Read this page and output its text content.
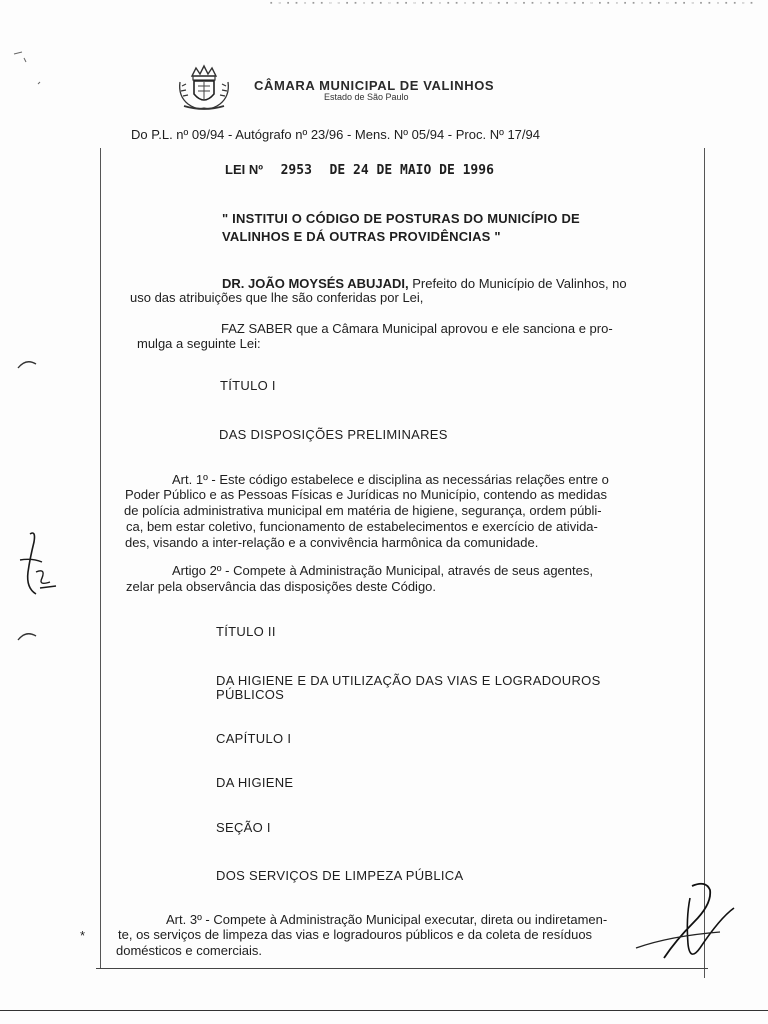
▪ ▫ ▪ ▪ ▫ ▪ ▪ ▫ ▫ ▪ ▪ ▫ ▪ ▪ ▫ ▪ ▪ ▫ ▪ ▪ ▫ ▪ ▪ ▫ ▪ ▪ ▫ ▪ ▪ ▫ ▪ ▪ ▫ ▪ ▪ ▫ ▪ ▪ ▫ ▪ ▪ ▫ ▪ ▪ ▫ ▪ ▪ ▫ ▪ ▪ ▫ ▪ ▪ ▫ ▪ ▪ ▫ ▪
CÂMARA MUNICIPAL DE VALINHOS
Estado de São Paulo
Do P.L. nº 09/94 - Autógrafo nº 23/96 - Mens. Nº 05/94 - Proc. Nº 17/94
LEI Nº 2953 DE 24 DE MAIO DE 1996
" INSTITUI O CÓDIGO DE POSTURAS DO MUNICÍPIO DE
VALINHOS E DÁ OUTRAS PROVIDÊNCIAS "
DR. JOÃO MOYSÉS ABUJADI, Prefeito do Município de Valinhos, no
uso das atribuições que lhe são conferidas por Lei,
FAZ SABER que a Câmara Municipal aprovou e ele sanciona e pro-
mulga a seguinte Lei:
TÍTULO I
DAS DISPOSIÇÕES PRELIMINARES
Art. 1º - Este código estabelece e disciplina as necessárias relações entre o
Poder Público e as Pessoas Físicas e Jurídicas no Município, contendo as medidas
de polícia administrativa municipal em matéria de higiene, segurança, ordem públi-
ca, bem estar coletivo, funcionamento de estabelecimentos e exercício de ativida-
des, visando a inter-relação e a convivência harmônica da comunidade.
Artigo 2º - Compete à Administração Municipal, através de seus agentes,
zelar pela observância das disposições deste Código.
TÍTULO II
DA HIGIENE E DA UTILIZAÇÃO DAS VIAS E LOGRADOUROS
PÚBLICOS
CAPÍTULO I
DA HIGIENE
SEÇÃO I
DOS SERVIÇOS DE LIMPEZA PÚBLICA
Art. 3º - Compete à Administração Municipal executar, direta ou indiretamen-
te, os serviços de limpeza das vias e logradouros públicos e da coleta de resíduos
domésticos e comerciais.
*
